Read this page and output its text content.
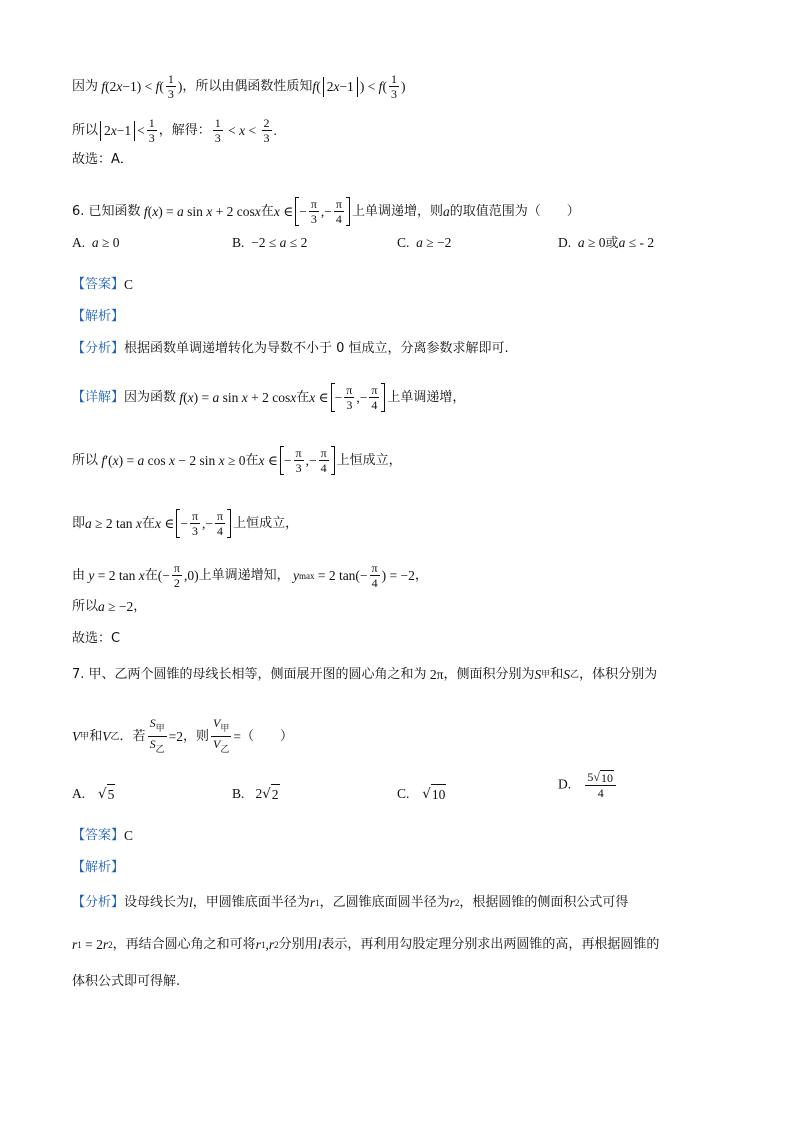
因为 f (2 x −1) < f ( $\frac{1}{3}$ ) ，所以由偶函数性质知 f ( 2x−1 ) < f ( $\frac{1}{3}$ )
所以 $2x-1 < \frac{1}{3}$ ，解得： $\frac{1}{3} < x < \frac{2}{3}$ .
故选：A．
6. 已知函数 f ( x ) = a sin x + 2 cos x 在 x ∈ − $\frac{\pi}{3}$ ,− $\frac{\pi}{4}$ 上单调递增，则 a 的取值范围为（　　）
A.  a ≥ 0	B.  −2 ≤ a ≤ 2	C.  a ≥ −2	D.  a ≥ 0或a ≤ - 2
【答案】 C
【解析】
【分析】 根据函数单调递增转化为导数不小于 0 恒成立，分离参数求解即可.
【详解】 因为函数 f ( x ) = a sin x + 2 cos x 在 x ∈ − $\frac{\pi}{3}$ ,− $\frac{\pi}{4}$ 上单调递增，
所以 f ′( x ) = a cos x − 2 sin x ≥ 0 在 x ∈ − $\frac{\pi}{3}$ ,− $\frac{\pi}{4}$ 上恒成立，
即 a ≥ 2 tan x 在 x ∈ − $\frac{\pi}{3}$ ,− $\frac{\pi}{4}$ 上恒成立，
由 y = 2 tan x 在 (− $\frac{\pi}{2} ,0$) 上单调递增知， y max = 2 $\tan(- \frac{\pi}{4}$ ) = −2 ，
所以 a ≥ −2 ，
故选：C
7. 甲、乙两个圆锥的母线长相等，侧面展开图的圆心角之和为 2π ，侧面积分别为 S 甲 和 S 乙 ，体积分别为
V 甲 和 V 乙 ．若 $\frac{S_甲}{S_乙} =2$ ，则 $\frac{V_甲}{V_乙}$ = （　　）
A.   √ 5	B.   2√ 2	C.   √ 10
D. $\frac{5√ 10}{4}$
【答案】 C
【解析】
【分析】 设母线长为 l ，甲圆锥底面半径为 r 1 ，乙圆锥底面圆半径为 r 2 ，根据圆锥的侧面积公式可得
r 1 = 2 r 2 ，再结合圆心角之和可将 r 1 , r 2 分别用 l 表示，再利用勾股定理分别求出两圆锥的高，再根据圆锥的
体积公式即可得解.
